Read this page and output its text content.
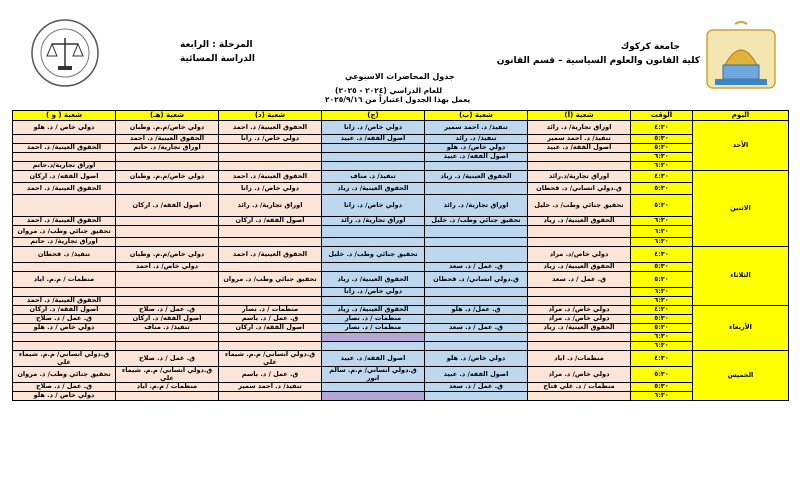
المرحلة : الرابعة
الدراسة المسائية
جدول المحاضرات الاسبوعي
للعام الدراسي (٢٠٢٤ - ٢٠٢٥)
يعمل بهذا الجدول اعتباراً من ٢٠٢٥/٩/١٦
جامعة كركوك
كلية القانون والعلوم السياسية – قسم القانون
اليوم	الوقت	شعبة (أ)	شعبة (ب)	(ج)	شعبة (د)	شعبة (هـ)	شعبة ( و )
الأحد	٤:٣٠	اوراق تجارية/ د. رائد	تنفيذ/ د. احمد سمير	دولي خاص/ د. زانا	الحقوق العينية/ د. احمد	دولي خاص/م.م. وطبان	دولي خاص / د. هلو
	٥:٣٠	تنفيذ/ د. احمد سمير	تنفيذ/ د. رائد	اصول الفقه/ د. عبيد	دولي خاص/ د. زانا	الحقوق العينية/ د. احمد	
	٥:٣٠	اصول الفقه/ د. عبيد	دولي خاص/ د. هلو			اوراق تجارية/ د. حاتم	الحقوق العينية/ د. احمد
	٦:٣٠		اصول الفقه/ د. عبيد				
	٦:٣٠						اوراق تجارية/د.حاتم
الاثنين	٤:٣٠	اوراق تجارية/د.رائد	الحقوق العينية/ د. زياد	تنفيذ/ د. مناف	الحقوق العينية/ د. احمد	دولي خاص/م.م. وطبان	اصول الفقه/ د. اركان
	٥:٣٠	ق.دولي انساني/ د. قحطان		الحقوق العينية/ د. زياد	دولي خاص/ د. زانا		الحقوق العينية/ د. احمد
	٥:٣٠	تحقيق جنائي وطب/ د. خليل	اوراق تجارية/ د. رائد	دولي خاص/ د. زانا	اوراق تجارية/ د. رائد	اصول الفقه/ د. اركان	
	٦:٣٠	الحقوق العينية/ د. زياد	تحقيق جنائي وطب/ د. خليل	اوراق تجارية/ د. رائد	اصول الفقه/ د. اركان		الحقوق العينية/ د. احمد
	٦:٣٠						تحقيق جنائي وطب/ د. مروان
	٦:٣٠						اوراق تجارية/ د. حاتم
الثلاثاء	٤:٣٠	دولي خاص/د. مراد		تحقيق جنائي وطب/ د. خليل	الحقوق العينية/ د. احمد	دولي خاص/م.م. وطبان	تنفيذ/ د. قحطان
	٥:٣٠	الحقوق العينية/ د. زياد	ق. عمل / د. سعد			دولي خاص/ د. احمد	
	٥:٣٠	ق. عمل / د. سعد	ق.دولي انساني/ د. قحطان	الحقوق العينية/ د. زياد	تحقيق جنائي وطب/ د. مروان		منظمات / م.م. اياد
	٦:٣٠			دولي خاص/ د. زانا			
	٦:٣٠						الحقوق العينية/ د. احمد
الأربعاء	٤:٣٠	دولي خاص/ د. مراد	ق. عمل/ د. هلو	الحقوق العينية/ د. زياد	منظمات / د. نصار	ق. عمل / د. صلاح	اصول الفقه/ د. اركان
	٥:٣٠	دولي خاص/ د. مراد		منظمات / د. نصار	ق. عمل / د. باسم	اصول الفقه/ د. اركان	ق. عمل / د. صلاح
	٥:٣٠	الحقوق العينية/ د. زياد	ق. عمل / د. سعد	منظمات / د. نصار	اصول الفقه/ د. اركان	تنفيذ/ د. مناف	دولي خاص / د. هلو
	٦:٣٠						
	٦:٣٠						
الخميس	٤:٣٠	منظمات/ د. اياد	دولي خاص/ د. هلو	اصول الفقه/ د. عبيد	ق.دولي انساني/ م.م. شيماء علي	ق. عمل / د. صلاح	ق.دولي انساني/ م.م. شيماء علي
	٥:٣٠	دولي خاص/ د. مراد	اصول الفقه/ د. عبيد	ق.دولي انساني/ م.م. سالم انور	ق. عمل / د. باسم	ق.دولي انساني/ م.م. شيماء علي	تحقيق جنائي وطب/ د. مروان
	٥:٣٠	منظمات / د. علي فتاح	ق. عمل / د. سعد		تنفيذ/ د. احمد سمير	منظمات / م.م. اياد	ق. عمل / د. صلاح
	٦:٣٠						دولي خاص / د. هلو
